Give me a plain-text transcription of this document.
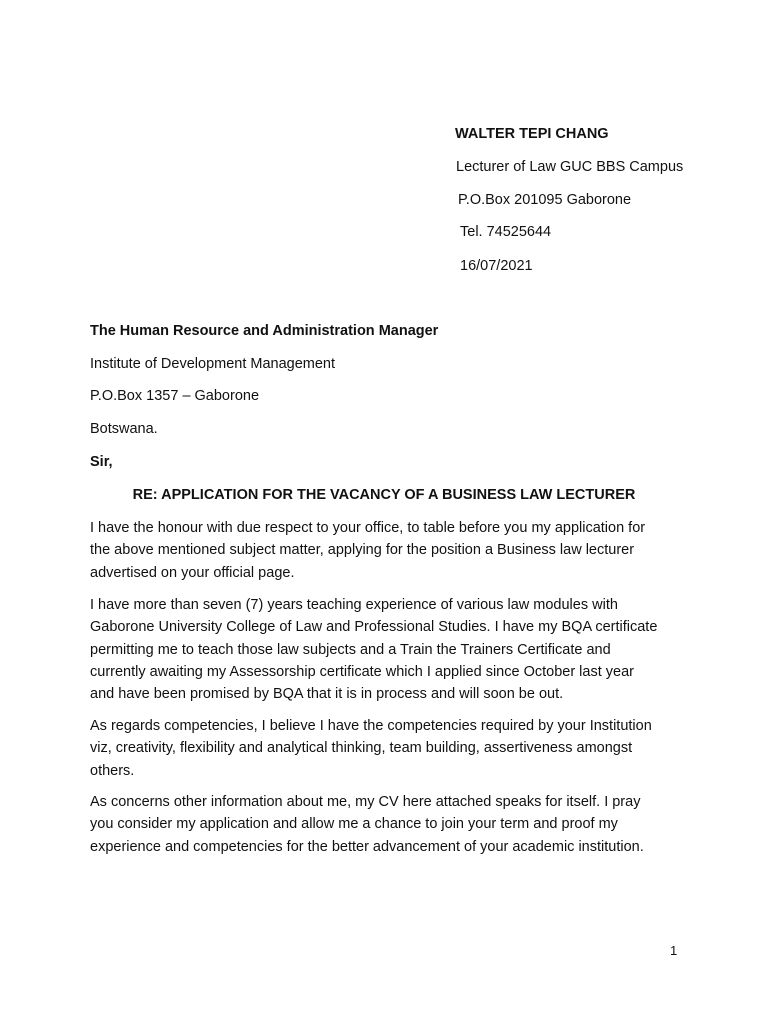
WALTER TEPI CHANG
Lecturer of Law GUC BBS Campus
P.O.Box 201095 Gaborone
Tel. 74525644
16/07/2021
The Human Resource and Administration Manager
Institute of Development Management
P.O.Box 1357 – Gaborone
Botswana.
Sir,
RE: APPLICATION FOR THE VACANCY OF A BUSINESS LAW LECTURER
I have the honour with due respect to your office, to table before you my application for
the above mentioned subject matter, applying for the position a Business law lecturer
advertised on your official page.
I have more than seven (7) years teaching experience of various law modules with
Gaborone University College of Law and Professional Studies. I have my BQA certificate
permitting me to teach those law subjects and a Train the Trainers Certificate and
currently awaiting my Assessorship certificate which I applied since October last year
and have been promised by BQA that it is in process and will soon be out.
As regards competencies, I believe I have the competencies required by your Institution
viz, creativity, flexibility and analytical thinking, team building, assertiveness amongst
others.
As concerns other information about me, my CV here attached speaks for itself. I pray
you consider my application and allow me a chance to join your term and proof my
experience and competencies for the better advancement of your academic institution.
1
